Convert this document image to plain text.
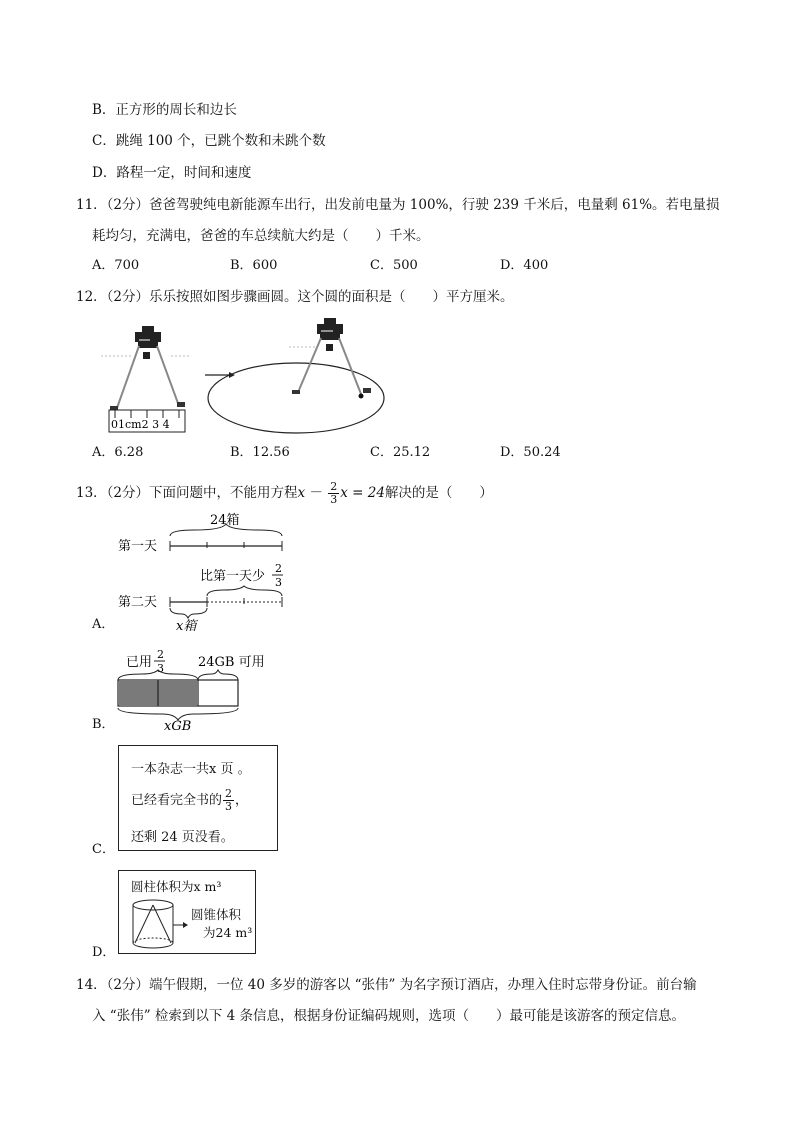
B．正方形的周长和边长
C．跳绳 100 个，已跳个数和未跳个数
D．路程一定，时间和速度
11．（2分）爸爸驾驶纯电新能源车出行，出发前电量为 100%，行驶 239 千米后，电量剩 61%。若电量损
耗均匀，充满电，爸爸的车总续航大约是（　　）千米。
A．700	B．600	C．500	D．400
12．（2分）乐乐按照如图步骤画圆。这个圆的面积是（　　）平方厘米。
01cm2 3 4
A．6.28	B．12.56	C．25.12	D．50.24
13．（2分）下面问题中，不能用方程$x - \frac{2}{3}$ x = 24解决的是（　　）
24箱
第一天
比第一天少
2
3
第二天
x箱
A．
已用
2
3	24GB 可用
xGB
B．
一本杂志一共x 页 。
已经看完全书的 $\frac{2}{3}$ ，
还剩 24 页没看。
C．
圆柱体积为x m³
圆锥体积
为24 m³
D．
14．（2分）端午假期，一位 40 多岁的游客以 “张伟” 为名字预订酒店，办理入住时忘带身份证。前台输
入 “张伟” 检索到以下 4 条信息，根据身份证编码规则，选项（　　）最可能是该游客的预定信息。
